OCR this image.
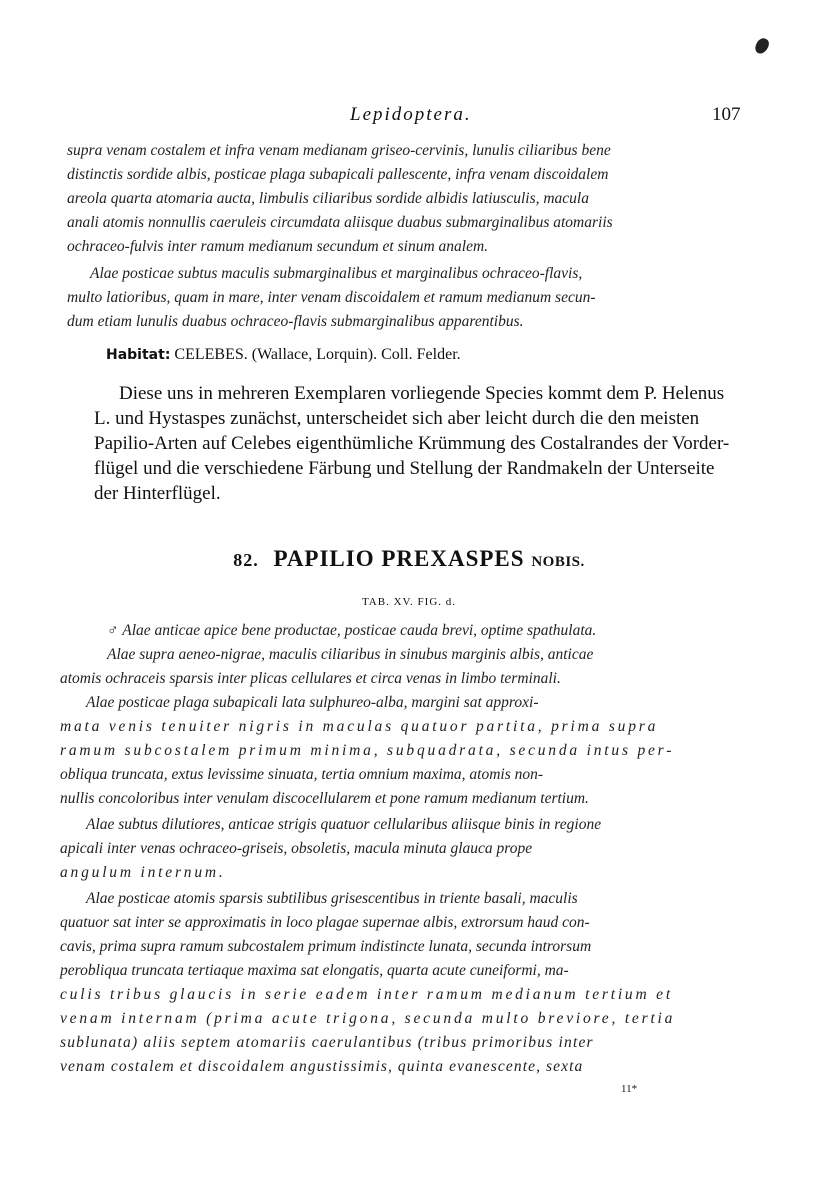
Lepidoptera.	107
supra venam costalem et infra venam medianam griseo-cervinis, lunulis ciliaribus bene
distinctis sordide albis, posticae plaga subapicali pallescente, infra venam discoidalem
areola quarta atomaria aucta, limbulis ciliaribus sordide albidis latiusculis, macula
anali atomis nonnullis caeruleis circumdata aliisque duabus submarginalibus atomariis
ochraceo-fulvis inter ramum medianum secundum et sinum analem.
Alae posticae subtus maculis submarginalibus et marginalibus ochraceo-flavis,
multo latioribus, quam in mare, inter venam discoidalem et ramum medianum secun-
dum etiam lunulis duabus ochraceo-flavis submarginalibus apparentibus.
Habitat: CELEBES. (Wallace, Lorquin). Coll. Felder.
Diese uns in mehreren Exemplaren vorliegende Species kommt dem P. Helenus
L. und Hystaspes zunächst, unterscheidet sich aber leicht durch die den meisten
Papilio-Arten auf Celebes eigenthümliche Krümmung des Costalrandes der Vorder-
flügel und die verschiedene Färbung und Stellung der Randmakeln der Unterseite
der Hinterflügel.
82. PAPILIO PREXASPES NOBIS.
TAB. XV. FIG. d.
♂ Alae anticae apice bene productae, posticae cauda brevi, optime spathulata.
Alae supra aeneo-nigrae, maculis ciliaribus in sinubus marginis albis, anticae
atomis ochraceis sparsis inter plicas cellulares et circa venas in limbo terminali.
Alae posticae plaga subapicali lata sulphureo-alba, margini sat approxi-
mata venis tenuiter nigris in maculas quatuor partita, prima supra
ramum subcostalem primum minima, subquadrata, secunda intus per-
obliqua truncata, extus levissime sinuata, tertia omnium maxima, atomis non-
nullis concoloribus inter venulam discocellularem et pone ramum medianum tertium.
Alae subtus dilutiores, anticae strigis quatuor cellularibus aliisque binis in regione
apicali inter venas ochraceo-griseis, obsoletis, macula minuta glauca prope
angulum internum.
Alae posticae atomis sparsis subtilibus grisescentibus in triente basali, maculis
quatuor sat inter se approximatis in loco plagae supernae albis, extrorsum haud con-
cavis, prima supra ramum subcostalem primum indistincte lunata, secunda introrsum
perobliqua truncata tertiaque maxima sat elongatis, quarta acute cuneiformi, ma-
culis tribus glaucis in serie eadem inter ramum medianum tertium et
venam internam (prima acute trigona, secunda multo breviore, tertia
sublunata) aliis septem atomariis caerulantibus (tribus primoribus inter
venam costalem et discoidalem angustissimis, quinta evanescente, sexta
11*
